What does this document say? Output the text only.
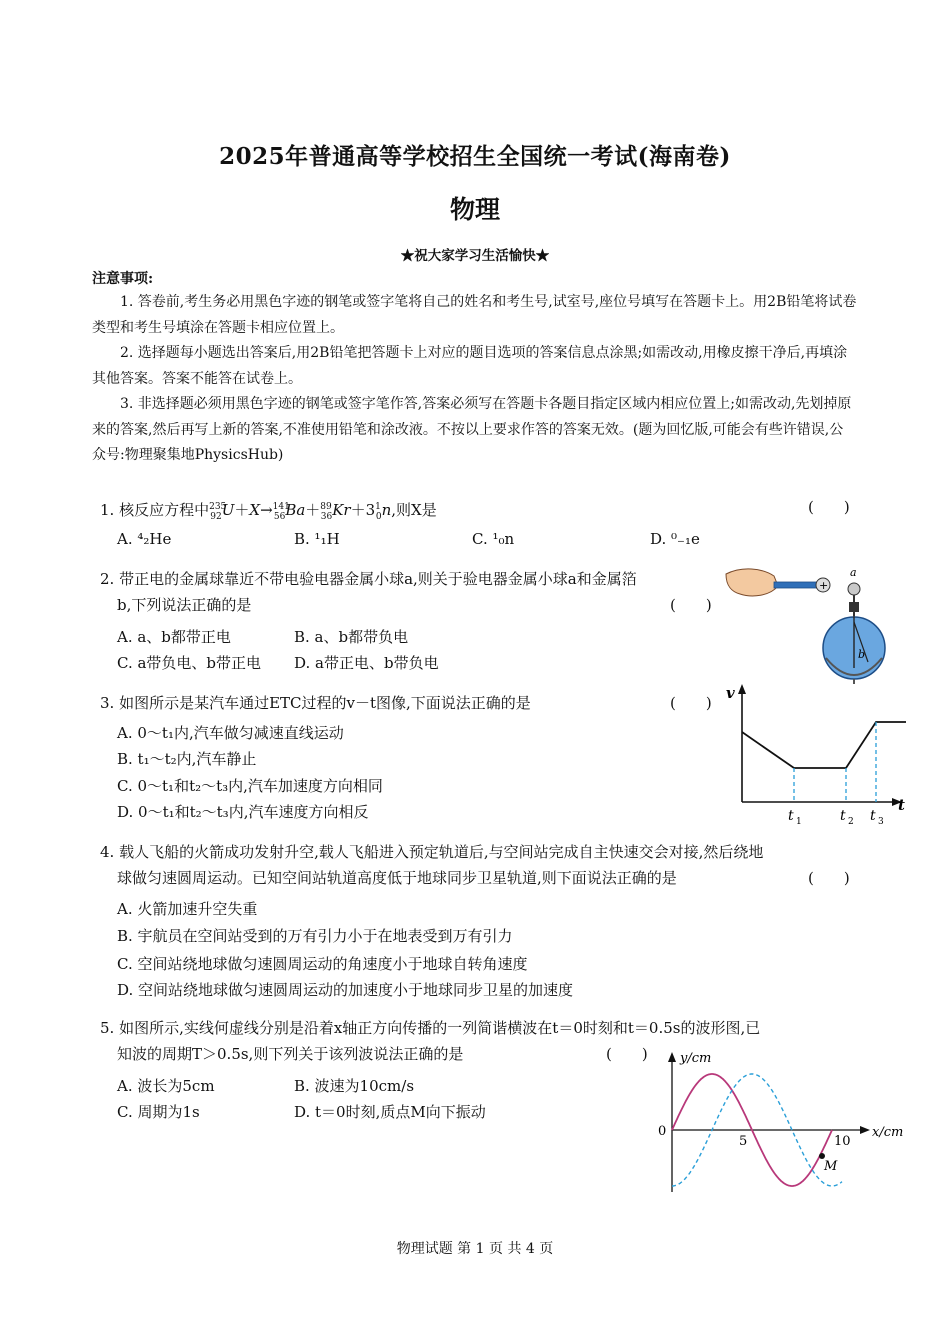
2025年普通高等学校招生全国统一考试(海南卷)
物理
★祝大家学习生活愉快★
注意事项:

1. 答卷前,考生务必用黑色字迹的钢笔或签字笔将自己的姓名和考生号,试室号,座位号填写在答题卡上。用2B铅笔将试卷类型和考生号填涂在答题卡相应位置上。

2. 选择题每小题选出答案后,用2B铅笔把答题卡上对应的题目选项的答案信息点涂黑;如需改动,用橡皮擦干净后,再填涂其他答案。答案不能答在试卷上。

3. 非选择题必须用黑色字迹的钢笔或签字笔作答,答案必须写在答题卡各题目指定区域内相应位置上;如需改动,先划掉原来的答案,然后再写上新的答案,不准使用铅笔和涂改液。不按以上要求作答的答案无效。(题为回忆版,可能会有些许错误,公众号:物理聚集地PhysicsHub)

1. 核反应方程中$^{235}_{92}U+X\to^{141}_{56}Ba+^{89}_{36}Kr+3^1_0n$,则X是	(　　)
A. ⁴₂He	B. ¹₁H	C. ¹₀n	D. ⁰₋₁e
2. 带正电的金属球靠近不带电验电器金属小球a,则关于验电器金属小球a和金属箔
b,下列说法正确的是	(　　)
A. a、b都带正电	B. a、b都带负电
C. a带负电、b带正电 D. a带正电、b带负电
+
a
b
3. 如图所示是某汽车通过ETC过程的v－t图像,下面说法正确的是	(　　)
A. 0～t₁内,汽车做匀减速直线运动
B. t₁～t₂内,汽车静止
C. 0～t₁和t₂～t₃内,汽车加速度方向相同
D. 0～t₁和t₂～t₃内,汽车速度方向相反
v
t
t 1	t 2 t 3
4. 载人飞船的火箭成功发射升空,载人飞船进入预定轨道后,与空间站完成自主快速交会对接,然后绕地
球做匀速圆周运动。已知空间站轨道高度低于地球同步卫星轨道,则下面说法正确的是	(　　)
A. 火箭加速升空失重
B. 宇航员在空间站受到的万有引力小于在地表受到万有引力
C. 空间站绕地球做匀速圆周运动的角速度小于地球自转角速度
D. 空间站绕地球做匀速圆周运动的加速度小于地球同步卫星的加速度
5. 如图所示,实线何虚线分别是沿着x轴正方向传播的一列简谐横波在t＝0时刻和t＝0.5s的波形图,已
知波的周期T＞0.5s,则下列关于该列波说法正确的是	(　　)
A. 波长为5cm	B. 波速为10cm/s
C. 周期为1s	D. t＝0时刻,质点M向下振动
y/cm
x/cm
0
5	10
M
物理试题 第 1 页 共 4 页
